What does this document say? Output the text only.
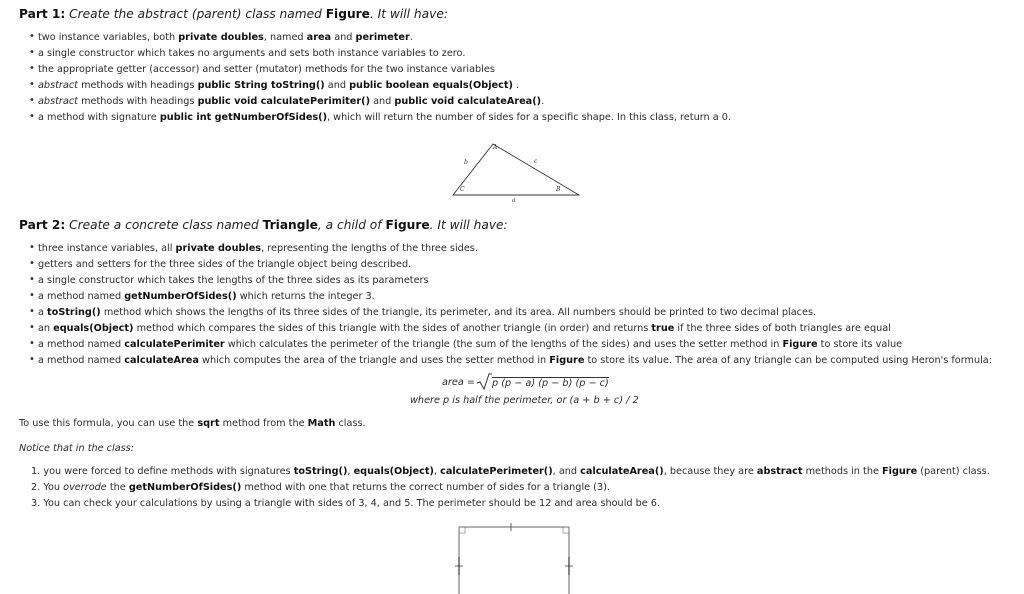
Part 1: Create the abstract (parent) class named Figure. It will have:
• two instance variables, both private doubles, named area and perimeter.
• a single constructor which takes no arguments and sets both instance variables to zero.
• the appropriate getter (accessor) and setter (mutator) methods for the two instance variables
• abstract methods with headings public String toString() and public boolean equals(Object) .
• abstract methods with headings public void calculatePerimiter() and public void calculateArea().
• a method with signature public int getNumberOfSides(), which will return the number of sides for a specific shape. In this class, return a 0.
A
B
C
a
b	c
Part 2: Create a concrete class named Triangle, a child of Figure. It will have:
• three instance variables, all private doubles, representing the lengths of the three sides.
• getters and setters for the three sides of the triangle object being described.
• a single constructor which takes the lengths of the three sides as its parameters
• a method named getNumberOfSides() which returns the integer 3.
• a toString() method which shows the lengths of its three sides of the triangle, its perimeter, and its area. All numbers should be printed to two decimal places.
• an equals(Object) method which compares the sides of this triangle with the sides of another triangle (in order) and returns true if the three sides of both triangles are equal
• a method named calculatePerimiter which calculates the perimeter of the triangle (the sum of the lengths of the sides) and uses the setter method in Figure to store its value
• a method named calculateArea which computes the area of the triangle and uses the setter method in Figure to store its value. The area of any triangle can be computed using Heron's formula:
area = p (p − a) (p − b) (p − c)
where p is half the perimeter, or (a + b + c) / 2
To use this formula, you can use the sqrt method from the Math class.
Notice that in the class:
1. you were forced to define methods with signatures toString(), equals(Object), calculatePerimeter(), and calculateArea(), because they are abstract methods in the Figure (parent) class.
2. You overrode the getNumberOfSides() method with one that returns the correct number of sides for a triangle (3).
3. You can check your calculations by using a triangle with sides of 3, 4, and 5. The perimeter should be 12 and area should be 6.
